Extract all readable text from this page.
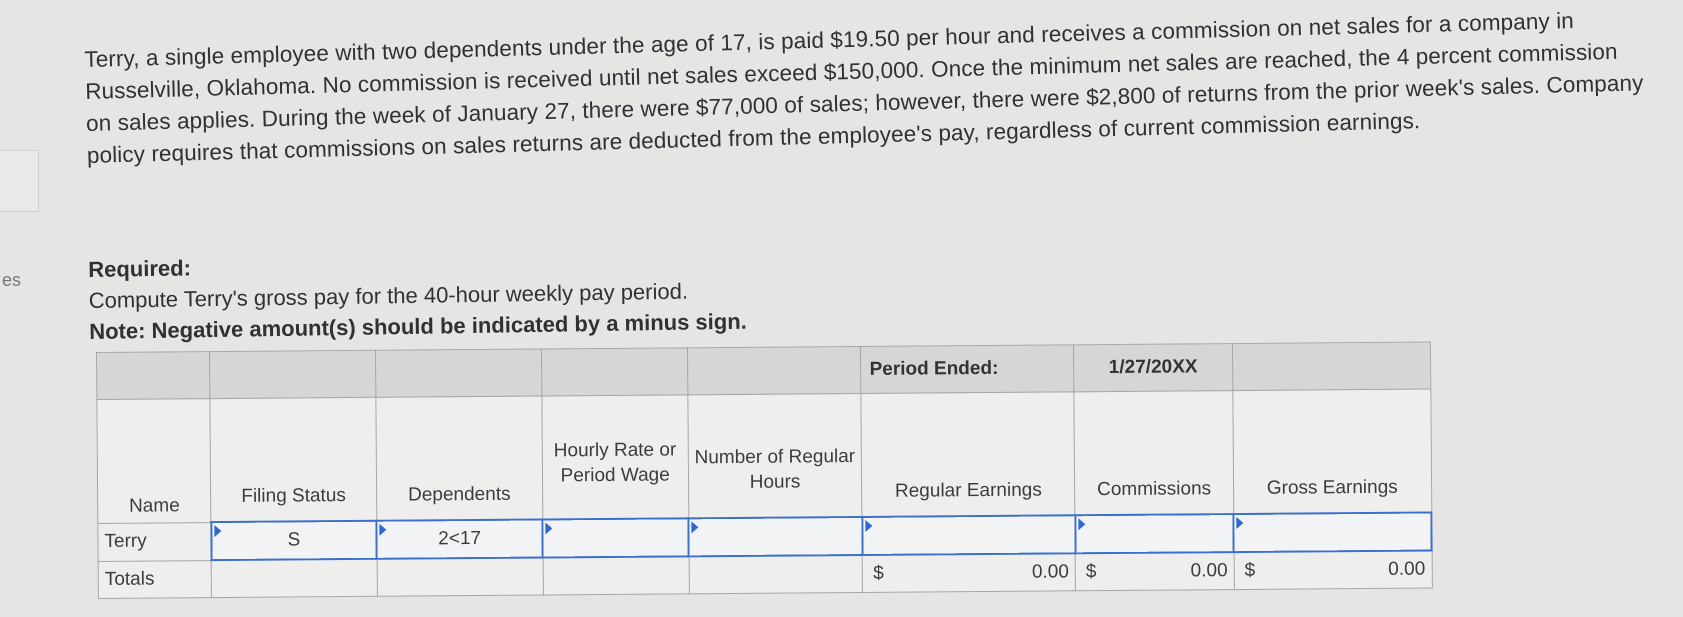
es
Terry, a single employee with two dependents under the age of 17, is paid $19.50 per hour and receives a commission on net sales for a company in Russelville, Oklahoma. No commission is received until net sales exceed $150,000. Once the minimum net sales are reached, the 4 percent commission on sales applies. During the week of January 27, there were $77,000 of sales; however, there were $2,800 of returns from the prior week's sales. Company policy requires that commissions on sales returns are deducted from the employee's pay, regardless of current commission earnings.
Required:
Compute Terry's gross pay for the 40-hour weekly pay period.
Note: Negative amount(s) should be indicated by a minus sign.
					Period Ended:	1/27/20XX	
Name	Filing Status	Dependents	Hourly Rate or Period Wage	Number of Regular Hours	Regular Earnings	Commissions	Gross Earnings
Terry	S	2<17					
Totals					$ 0.00	$ 0.00	$ 0.00
